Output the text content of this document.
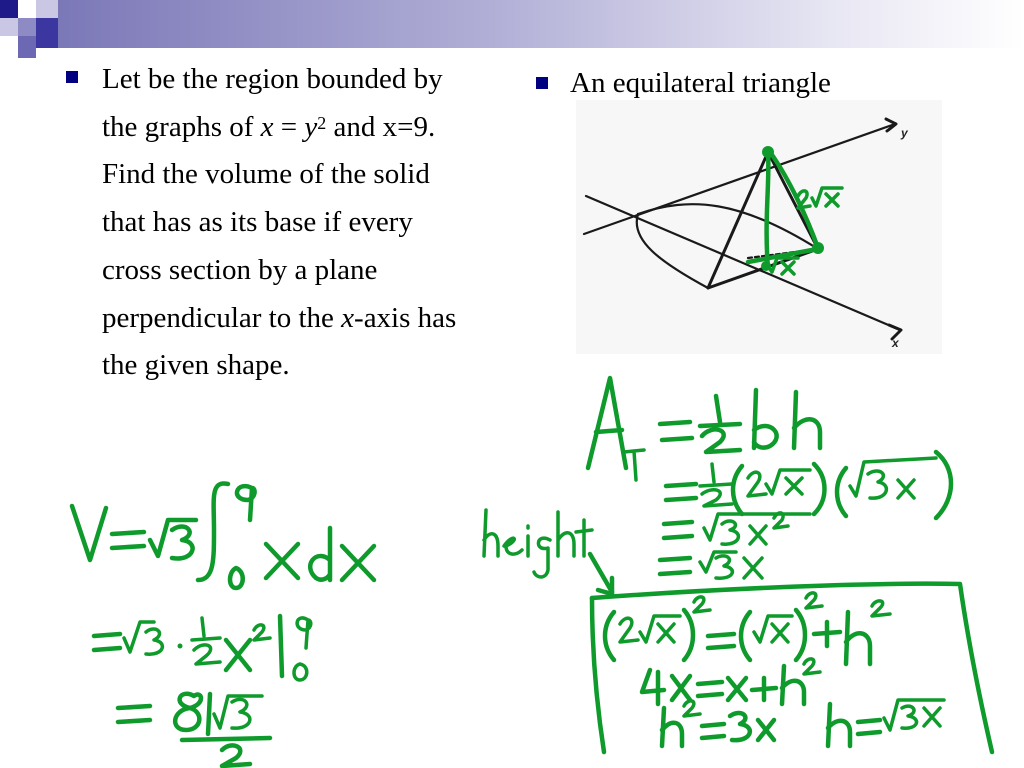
Let be the region bounded by the graphs of $x = y^2$ and x=9. Find the volume of the solid that has as its base if every cross section by a plane perpendicular to the x-axis has the given shape.

An equilateral triangle

y
x
